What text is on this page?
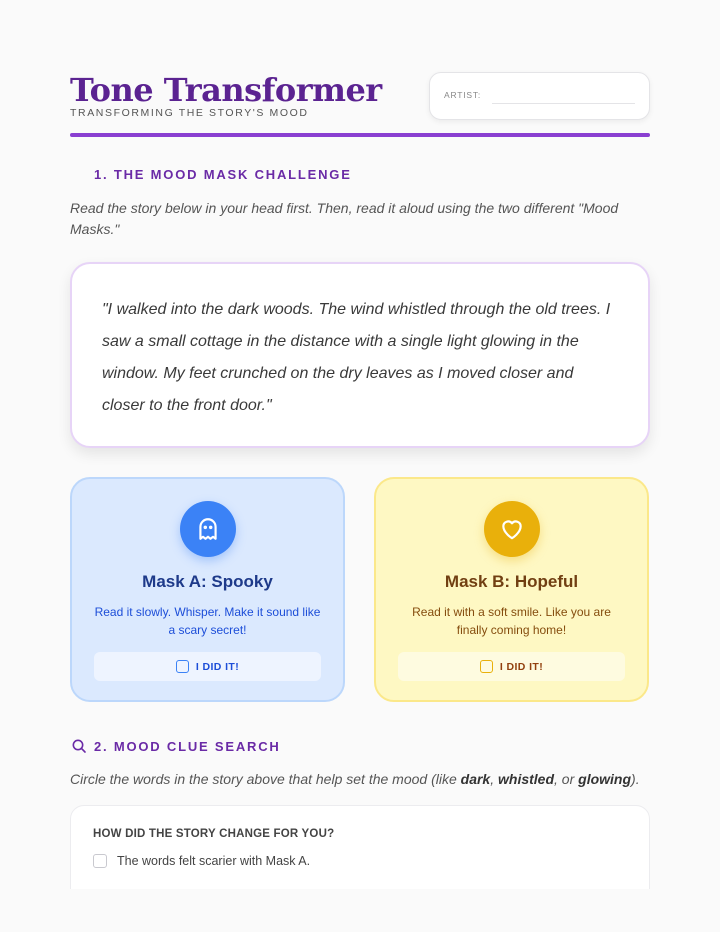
Tone Transformer
TRANSFORMING THE STORY'S MOOD
ARTIST:
1. THE MOOD MASK CHALLENGE
Read the story below in your head first. Then, read it aloud using the two different "Mood Masks."

"I walked into the dark woods. The wind whistled through the old trees. I saw a small cottage in the distance with a single light glowing in the window. My feet crunched on the dry leaves as I moved closer and closer to the front door."

Mask A: Spooky
Read it slowly. Whisper. Make it sound like a scary secret!
I DID IT!
Mask B: Hopeful
Read it with a soft smile. Like you are finally coming home!
I DID IT!
2. MOOD CLUE SEARCH
Circle the words in the story above that help set the mood (like dark, whistled, or glowing).
HOW DID THE STORY CHANGE FOR YOU?
The words felt scarier with Mask A.
